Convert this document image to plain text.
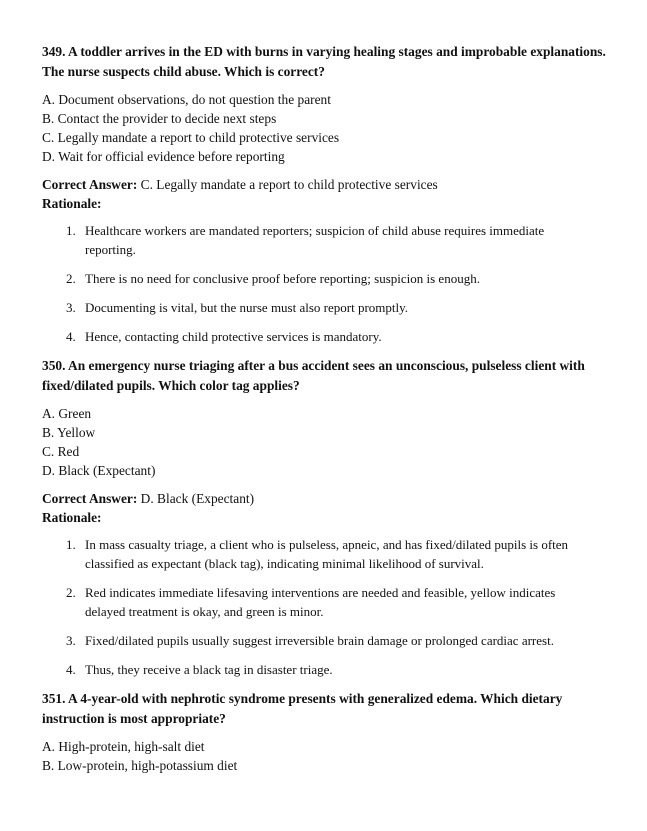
349. A toddler arrives in the ED with burns in varying healing stages and improbable explanations. The nurse suspects child abuse. Which is correct?

A. Document observations, do not question the parent

B. Contact the provider to decide next steps

C. Legally mandate a report to child protective services

D. Wait for official evidence before reporting

Correct Answer: C. Legally mandate a report to child protective services

Rationale:

1. Healthcare workers are mandated reporters; suspicion of child abuse requires immediate reporting.
2. There is no need for conclusive proof before reporting; suspicion is enough.
3. Documenting is vital, but the nurse must also report promptly.
4. Hence, contacting child protective services is mandatory.

350. An emergency nurse triaging after a bus accident sees an unconscious, pulseless client with fixed/dilated pupils. Which color tag applies?

A. Green

B. Yellow

C. Red

D. Black (Expectant)

Correct Answer: D. Black (Expectant)

Rationale:

1. In mass casualty triage, a client who is pulseless, apneic, and has fixed/dilated pupils is often classified as expectant (black tag), indicating minimal likelihood of survival.
2. Red indicates immediate lifesaving interventions are needed and feasible, yellow indicates delayed treatment is okay, and green is minor.
3. Fixed/dilated pupils usually suggest irreversible brain damage or prolonged cardiac arrest.
4. Thus, they receive a black tag in disaster triage.

351. A 4-year-old with nephrotic syndrome presents with generalized edema. Which dietary instruction is most appropriate?

A. High-protein, high-salt diet

B. Low-protein, high-potassium diet
